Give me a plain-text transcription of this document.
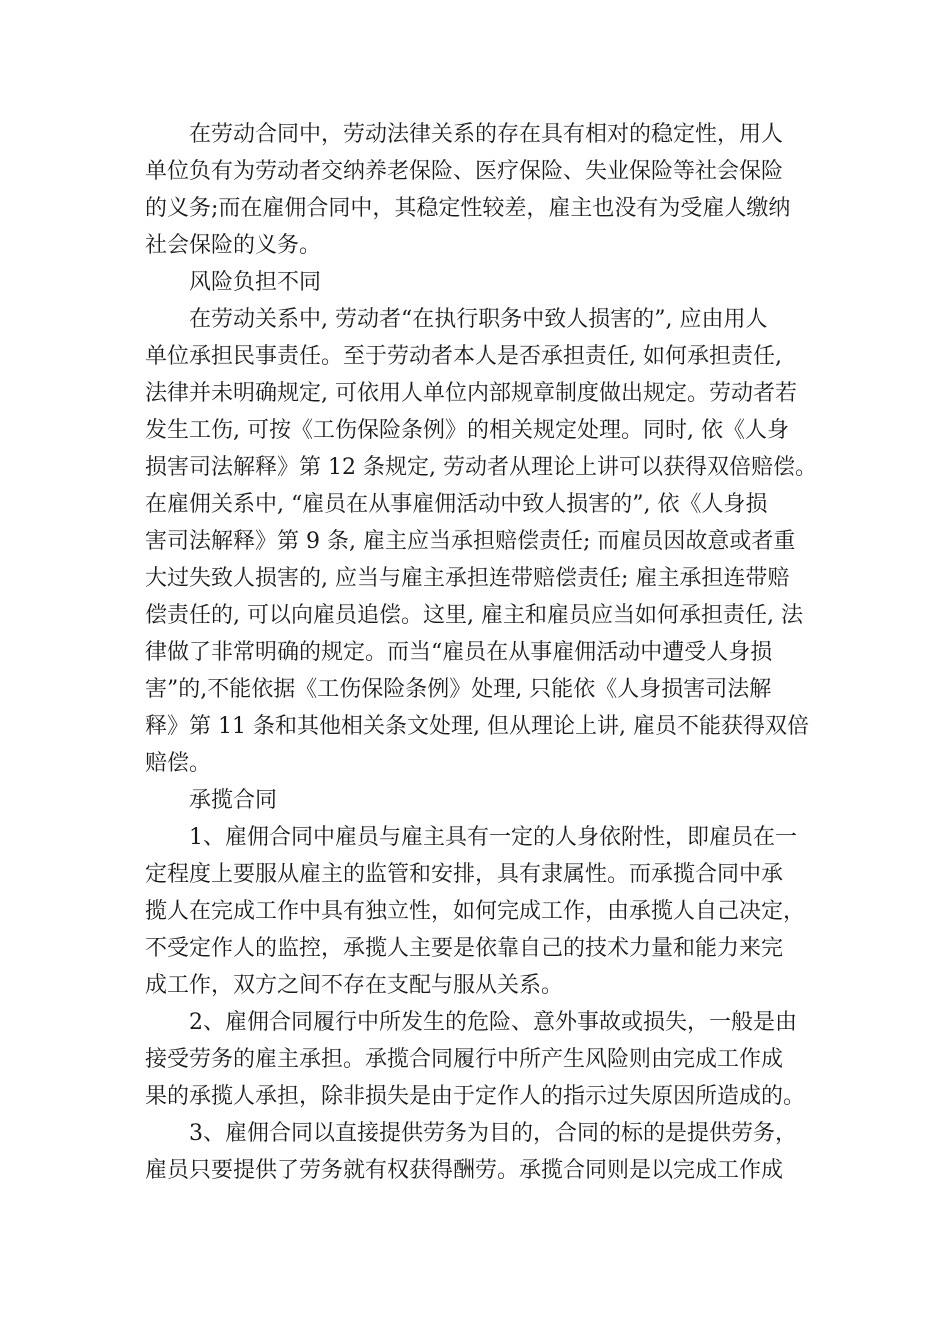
在劳动合同中，劳动法律关系的存在具有相对的稳定性，用人

单位负有为劳动者交纳养老保险、医疗保险、失业保险等社会保险

的义务;而在雇佣合同中，其稳定性较差，雇主也没有为受雇人缴纳

社会保险的义务。

风险负担不同

在劳动关系中, 劳动者“在执行职务中致人损害的”, 应由用人

单位承担民事责任。至于劳动者本人是否承担责任, 如何承担责任,

法律并未明确规定, 可依用人单位内部规章制度做出规定。劳动者若

发生工伤, 可按《工伤保险条例》的相关规定处理。同时, 依《人身

损害司法解释》第 12 条规定, 劳动者从理论上讲可以获得双倍赔偿。

在雇佣关系中, “雇员在从事雇佣活动中致人损害的”, 依《人身损

害司法解释》第 9 条, 雇主应当承担赔偿责任; 而雇员因故意或者重

大过失致人损害的, 应当与雇主承担连带赔偿责任; 雇主承担连带赔

偿责任的, 可以向雇员追偿。这里, 雇主和雇员应当如何承担责任, 法

律做了非常明确的规定。而当“雇员在从事雇佣活动中遭受人身损

害”的,不能依据《工伤保险条例》处理, 只能依《人身损害司法解

释》第 11 条和其他相关条文处理, 但从理论上讲, 雇员不能获得双倍

赔偿。

承揽合同

1、雇佣合同中雇员与雇主具有一定的人身依附性，即雇员在一

定程度上要服从雇主的监管和安排，具有隶属性。而承揽合同中承

揽人在完成工作中具有独立性，如何完成工作，由承揽人自己决定，

不受定作人的监控，承揽人主要是依靠自己的技术力量和能力来完

成工作，双方之间不存在支配与服从关系。

2、雇佣合同履行中所发生的危险、意外事故或损失，一般是由

接受劳务的雇主承担。承揽合同履行中所产生风险则由完成工作成

果的承揽人承担，除非损失是由于定作人的指示过失原因所造成的。

3、雇佣合同以直接提供劳务为目的，合同的标的是提供劳务，

雇员只要提供了劳务就有权获得酬劳。承揽合同则是以完成工作成
